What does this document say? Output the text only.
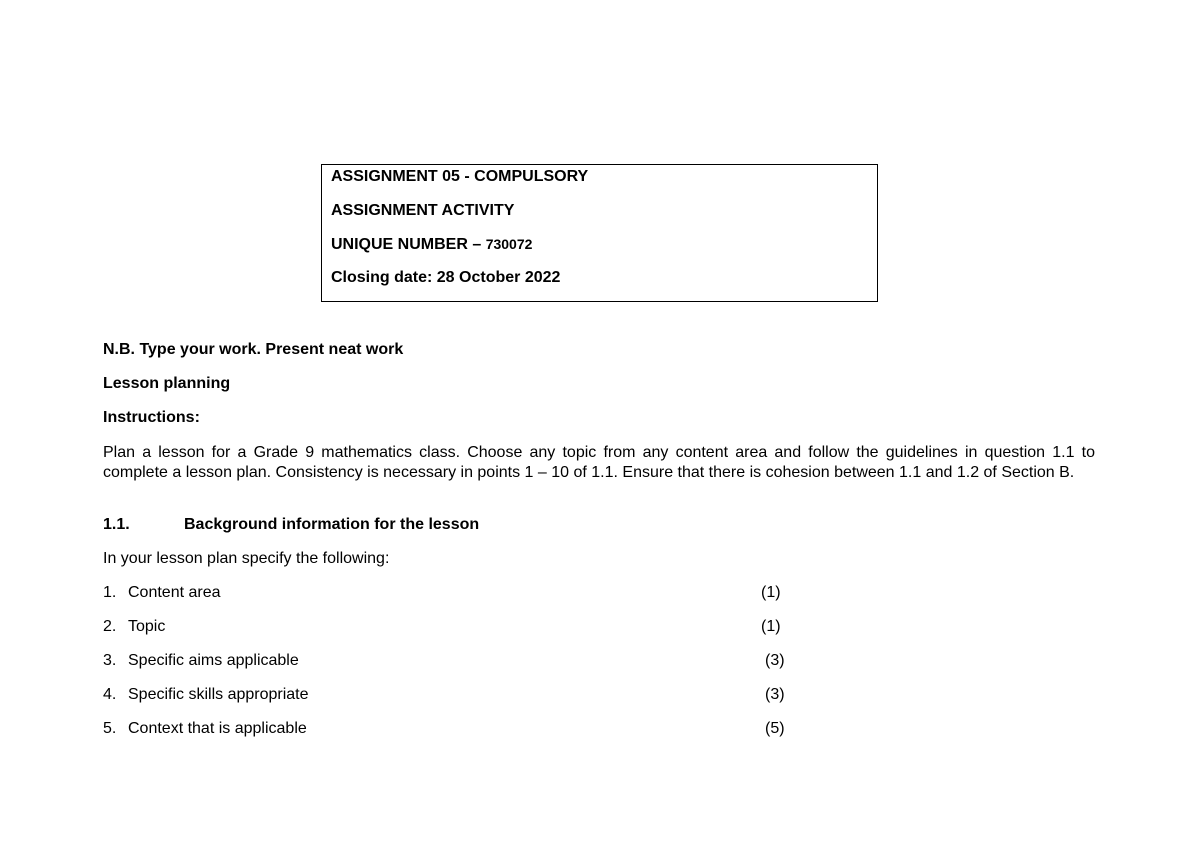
ASSIGNMENT 05 - COMPULSORY
ASSIGNMENT ACTIVITY
UNIQUE NUMBER – 730072
Closing date: 28 October 2022
N.B. Type your work. Present neat work
Lesson planning
Instructions:
Plan a lesson for a Grade 9 mathematics class. Choose any topic from any content area and follow the guidelines in question 1.1 to complete a lesson plan. Consistency is necessary in points 1 – 10 of 1.1. Ensure that there is cohesion between 1.1 and 1.2 of Section B.
1.1.	Background information for the lesson
In your lesson plan specify the following:
1. Content area	(1)
2. Topic	(1)
3. Specific aims applicable	(3)
4. Specific skills appropriate	(3)
5. Context that is applicable	(5)
